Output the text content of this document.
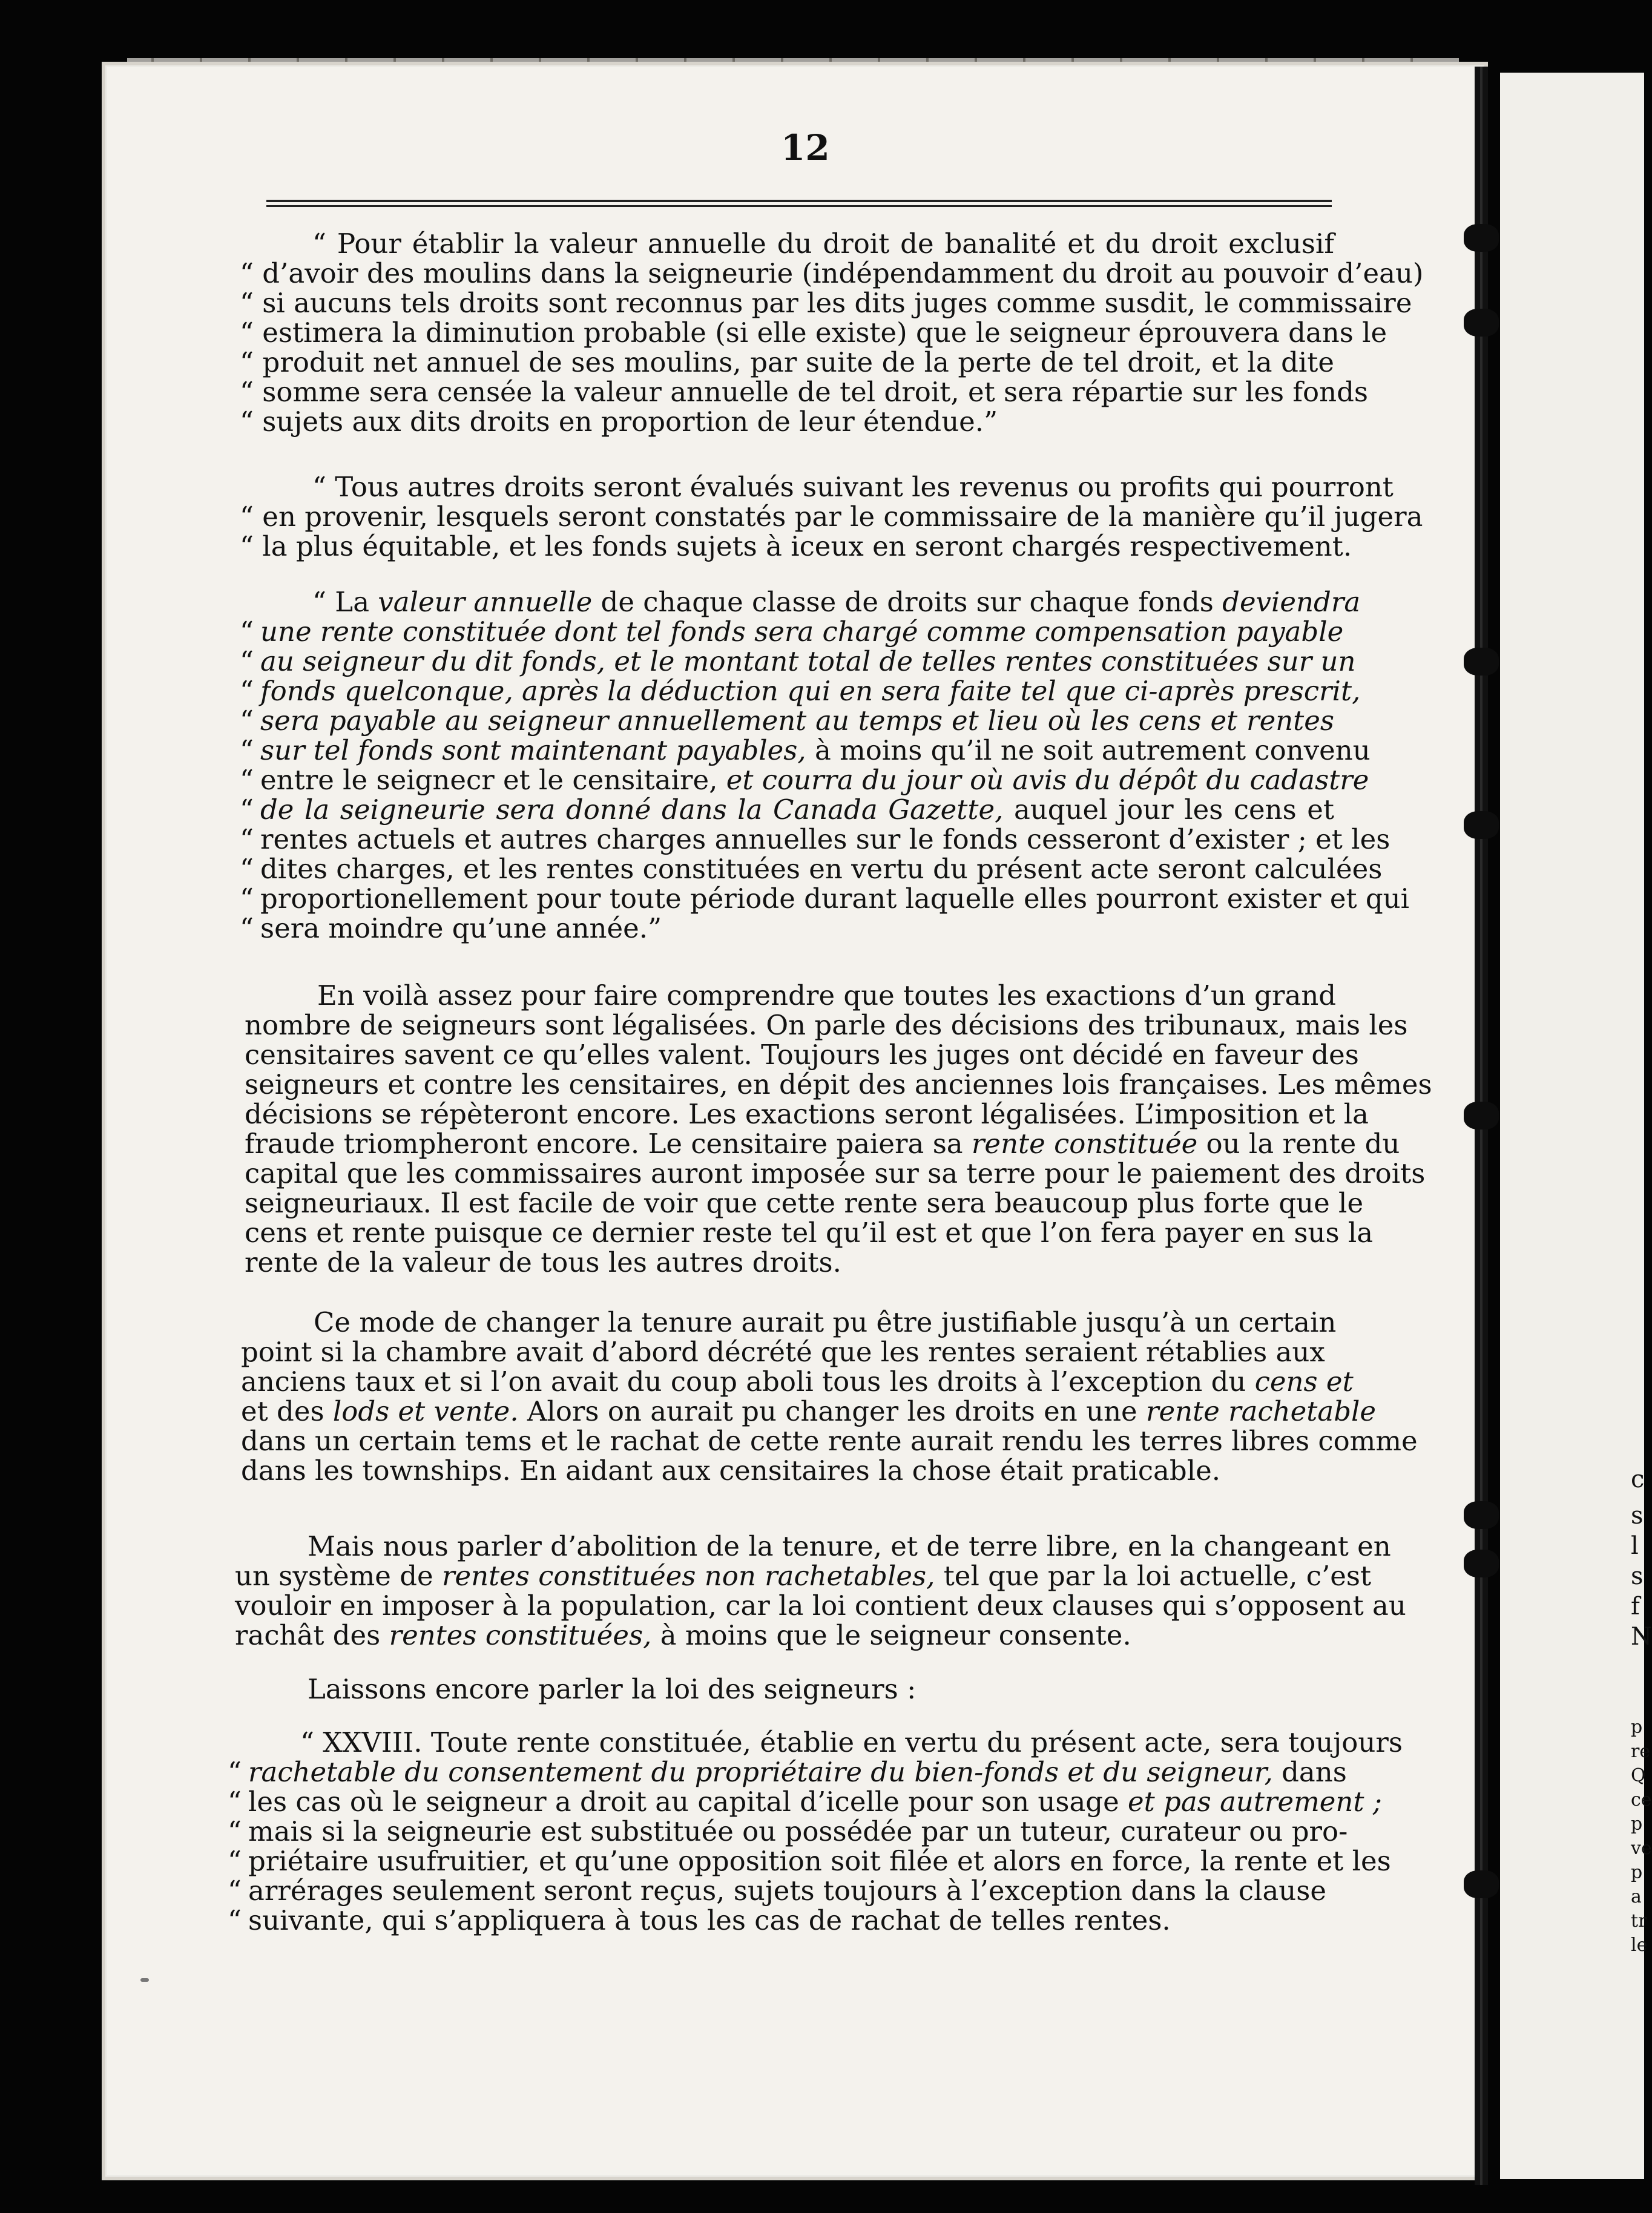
c
s
l
s
f
N
p
re
Q
ce
p
ve
p
a
tr
le
12
“ Pour établir la valeur annuelle du droit de banalité et du droit exclusif
“ d’avoir des moulins dans la seigneurie (indépendamment du droit au pouvoir d’eau)
“ si aucuns tels droits sont reconnus par les dits juges comme susdit, le commissaire
“ estimera la diminution probable (si elle existe) que le seigneur éprouvera dans le
“ produit net annuel de ses moulins, par suite de la perte de tel droit, et la dite
“ somme sera censée la valeur annuelle de tel droit, et sera répartie sur les fonds
“ sujets aux dits droits en proportion de leur étendue.”
“ Tous autres droits seront évalués suivant les revenus ou profits qui pourront
“ en provenir, lesquels seront constatés par le commissaire de la manière qu’il jugera
“ la plus équitable, et les fonds sujets à iceux en seront chargés respectivement.
“ La valeur annuelle de chaque classe de droits sur chaque fonds deviendra
“ une rente constituée dont tel fonds sera chargé comme compensation payable
“ au seigneur du dit fonds, et le montant total de telles rentes constituées sur un
“ fonds quelconque, après la déduction qui en sera faite tel que ci-après prescrit,
“ sera payable au seigneur annuellement au temps et lieu où les cens et rentes
“ sur tel fonds sont maintenant payables, à moins qu’il ne soit autrement convenu
“ entre le seignecr et le censitaire, et courra du jour où avis du dépôt du cadastre
“ de la seigneurie sera donné dans la Canada Gazette, auquel jour les cens et
“ rentes actuels et autres charges annuelles sur le fonds cesseront d’exister ; et les
“ dites charges, et les rentes constituées en vertu du présent acte seront calculées
“ proportionellement pour toute période durant laquelle elles pourront exister et qui
“ sera moindre qu’une année.”
En voilà assez pour faire comprendre que toutes les exactions d’un grand
nombre de seigneurs sont légalisées. On parle des décisions des tribunaux, mais les
censitaires savent ce qu’elles valent. Toujours les juges ont décidé en faveur des
seigneurs et contre les censitaires, en dépit des anciennes lois françaises. Les mêmes
décisions se répèteront encore. Les exactions seront légalisées. L’imposition et la
fraude triompheront encore. Le censitaire paiera sa rente constituée ou la rente du
capital que les commissaires auront imposée sur sa terre pour le paiement des droits
seigneuriaux. Il est facile de voir que cette rente sera beaucoup plus forte que le
cens et rente puisque ce dernier reste tel qu’il est et que l’on fera payer en sus la
rente de la valeur de tous les autres droits.
Ce mode de changer la tenure aurait pu être justifiable jusqu’à un certain
point si la chambre avait d’abord décrété que les rentes seraient rétablies aux
anciens taux et si l’on avait du coup aboli tous les droits à l’exception du cens et
et des lods et vente. Alors on aurait pu changer les droits en une rente rachetable
dans un certain tems et le rachat de cette rente aurait rendu les terres libres comme
dans les townships. En aidant aux censitaires la chose était praticable.
Mais nous parler d’abolition de la tenure, et de terre libre, en la changeant en
un système de rentes constituées non rachetables, tel que par la loi actuelle, c’est
vouloir en imposer à la population, car la loi contient deux clauses qui s’opposent au
rachât des rentes constituées, à moins que le seigneur consente.
Laissons encore parler la loi des seigneurs :
“ XXVIII. Toute rente constituée, établie en vertu du présent acte, sera toujours
“ rachetable du consentement du propriétaire du bien-fonds et du seigneur, dans
“ les cas où le seigneur a droit au capital d’icelle pour son usage et pas autrement ;
“ mais si la seigneurie est substituée ou possédée par un tuteur, curateur ou pro-
“ priétaire usufruitier, et qu’une opposition soit filée et alors en force, la rente et les
“ arrérages seulement seront reçus, sujets toujours à l’exception dans la clause
“ suivante, qui s’appliquera à tous les cas de rachat de telles rentes.
